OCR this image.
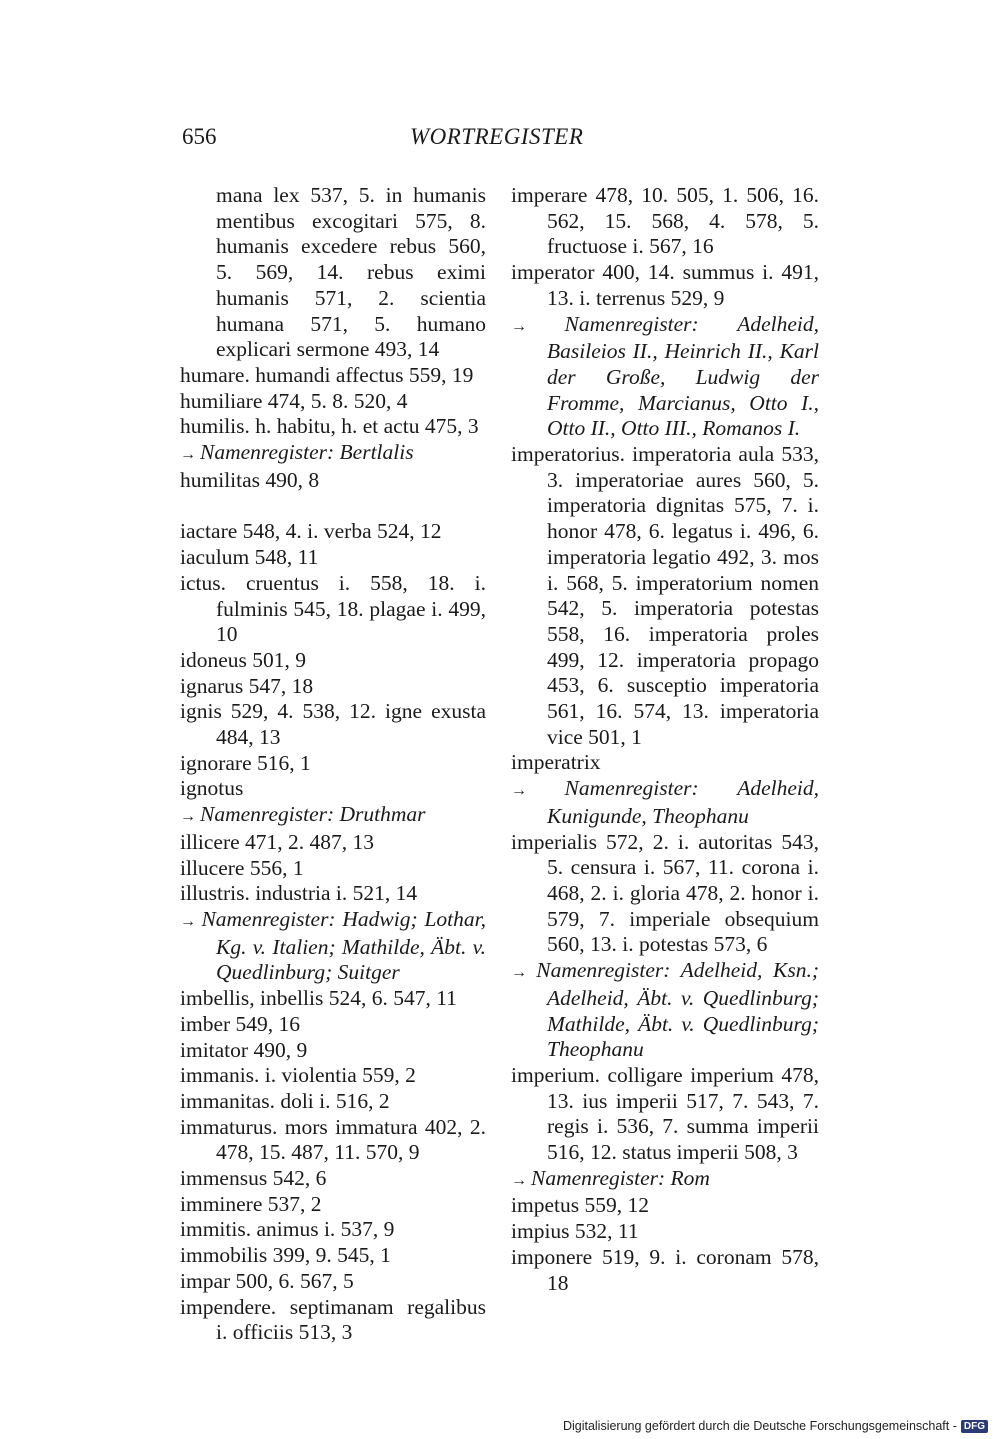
656	WORTREGISTER
mana lex 537, 5. in humanis mentibus excogitari 575, 8. humanis excedere rebus 560, 5. 569, 14. rebus eximi humanis 571, 2. scientia humana 571, 5. humano explicari sermone 493, 14
humare. humandi affectus 559, 19
humiliare 474, 5. 8. 520, 4
humilis. h. habitu, h. et actu 475, 3
→ Namenregister: Bertlalis
humilitas 490, 8
iactare 548, 4. i. verba 524, 12
iaculum 548, 11
ictus. cruentus i. 558, 18. i. fulminis 545, 18. plagae i. 499, 10
idoneus 501, 9
ignarus 547, 18
ignis 529, 4. 538, 12. igne exusta 484, 13
ignorare 516, 1
ignotus
→ Namenregister: Druthmar
illicere 471, 2. 487, 13
illucere 556, 1
illustris. industria i. 521, 14
→ Namenregister: Hadwig; Lothar, Kg. v. Italien; Mathilde, Äbt. v. Quedlinburg; Suitger
imbellis, inbellis 524, 6. 547, 11
imber 549, 16
imitator 490, 9
immanis. i. violentia 559, 2
immanitas. doli i. 516, 2
immaturus. mors immatura 402, 2. 478, 15. 487, 11. 570, 9
immensus 542, 6
imminere 537, 2
immitis. animus i. 537, 9
immobilis 399, 9. 545, 1
impar 500, 6. 567, 5
impendere. septimanam regalibus i. officiis 513, 3
imperare 478, 10. 505, 1. 506, 16. 562, 15. 568, 4. 578, 5. fructuose i. 567, 16
imperator 400, 14. summus i. 491, 13. i. terrenus 529, 9
→ Namenregister: Adelheid, Basileios II., Heinrich II., Karl der Große, Ludwig der Fromme, Marcianus, Otto I., Otto II., Otto III., Romanos I.
imperatorius. imperatoria aula 533, 3. imperatoriae aures 560, 5. imperatoria dignitas 575, 7. i. honor 478, 6. legatus i. 496, 6. imperatoria legatio 492, 3. mos i. 568, 5. imperatorium nomen 542, 5. imperatoria potestas 558, 16. imperatoria proles 499, 12. imperatoria propago 453, 6. susceptio imperatoria 561, 16. 574, 13. imperatoria vice 501, 1
imperatrix
→ Namenregister: Adelheid, Kunigunde, Theophanu
imperialis 572, 2. i. autoritas 543, 5. censura i. 567, 11. corona i. 468, 2. i. gloria 478, 2. honor i. 579, 7. imperiale obsequium 560, 13. i. potestas 573, 6
→ Namenregister: Adelheid, Ksn.; Adelheid, Äbt. v. Quedlinburg; Mathilde, Äbt. v. Quedlinburg; Theophanu
imperium. colligare imperium 478, 13. ius imperii 517, 7. 543, 7. regis i. 536, 7. summa imperii 516, 12. status imperii 508, 3
→ Namenregister: Rom
impetus 559, 12
impius 532, 11
imponere 519, 9. i. coronam 578, 18
Digitalisierung gefördert durch die Deutsche Forschungsgemeinschaft - DFG
